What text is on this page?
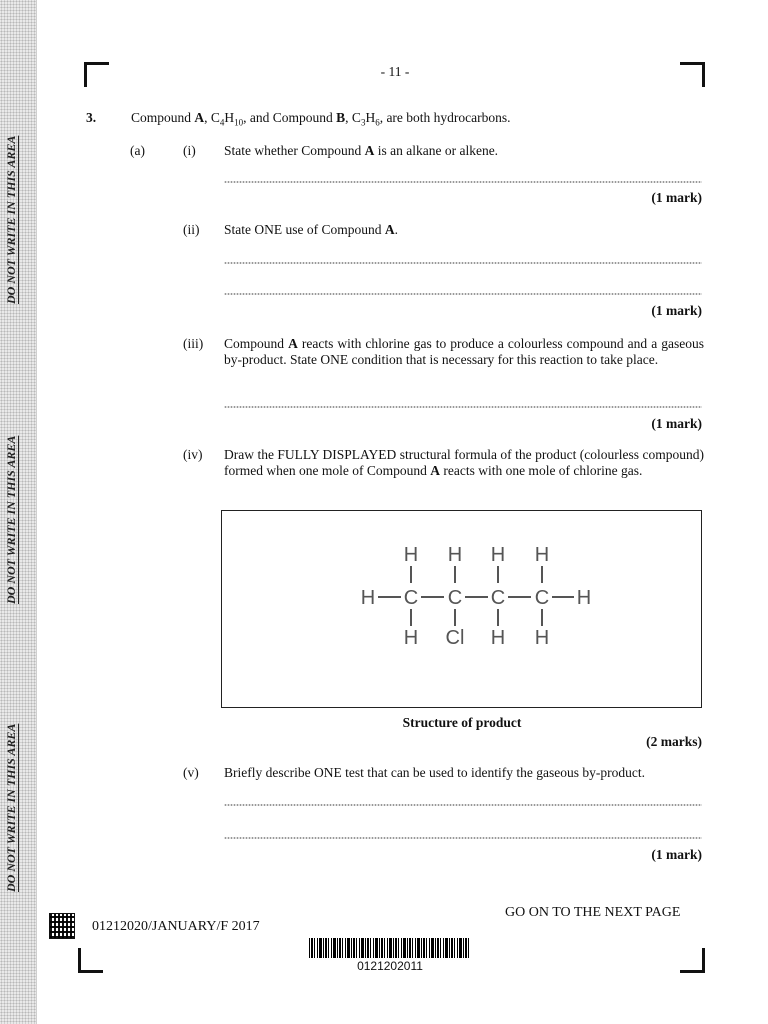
DO NOT WRITE IN THIS AREA
DO NOT WRITE IN THIS AREA
DO NOT WRITE IN THIS AREA
- 11 -
3.	Compound A, $C_4H_{10}$, and Compound B, $C_3H_6$, are both hydrocarbons.
(a)	(i) State whether Compound A is an alkane or alkene.
(1 mark)
(ii) State ONE use of Compound A.
(1 mark)
(iii) Compound A reacts with chlorine gas to produce a colourless compound and a gaseous by-product. State ONE condition that is necessary for this reaction to take place.
(1 mark)
(iv) Draw the FULLY DISPLAYED structural formula of the product (colourless compound) formed when one mole of Compound A reacts with one mole of chlorine gas.
H H H H
H C C C C H
H Cl H H
Structure of product
(2 marks)
(v) Briefly describe ONE test that can be used to identify the gaseous by-product.
(1 mark)
GO ON TO THE NEXT PAGE
01212020/JANUARY/F 2017
0121202011
